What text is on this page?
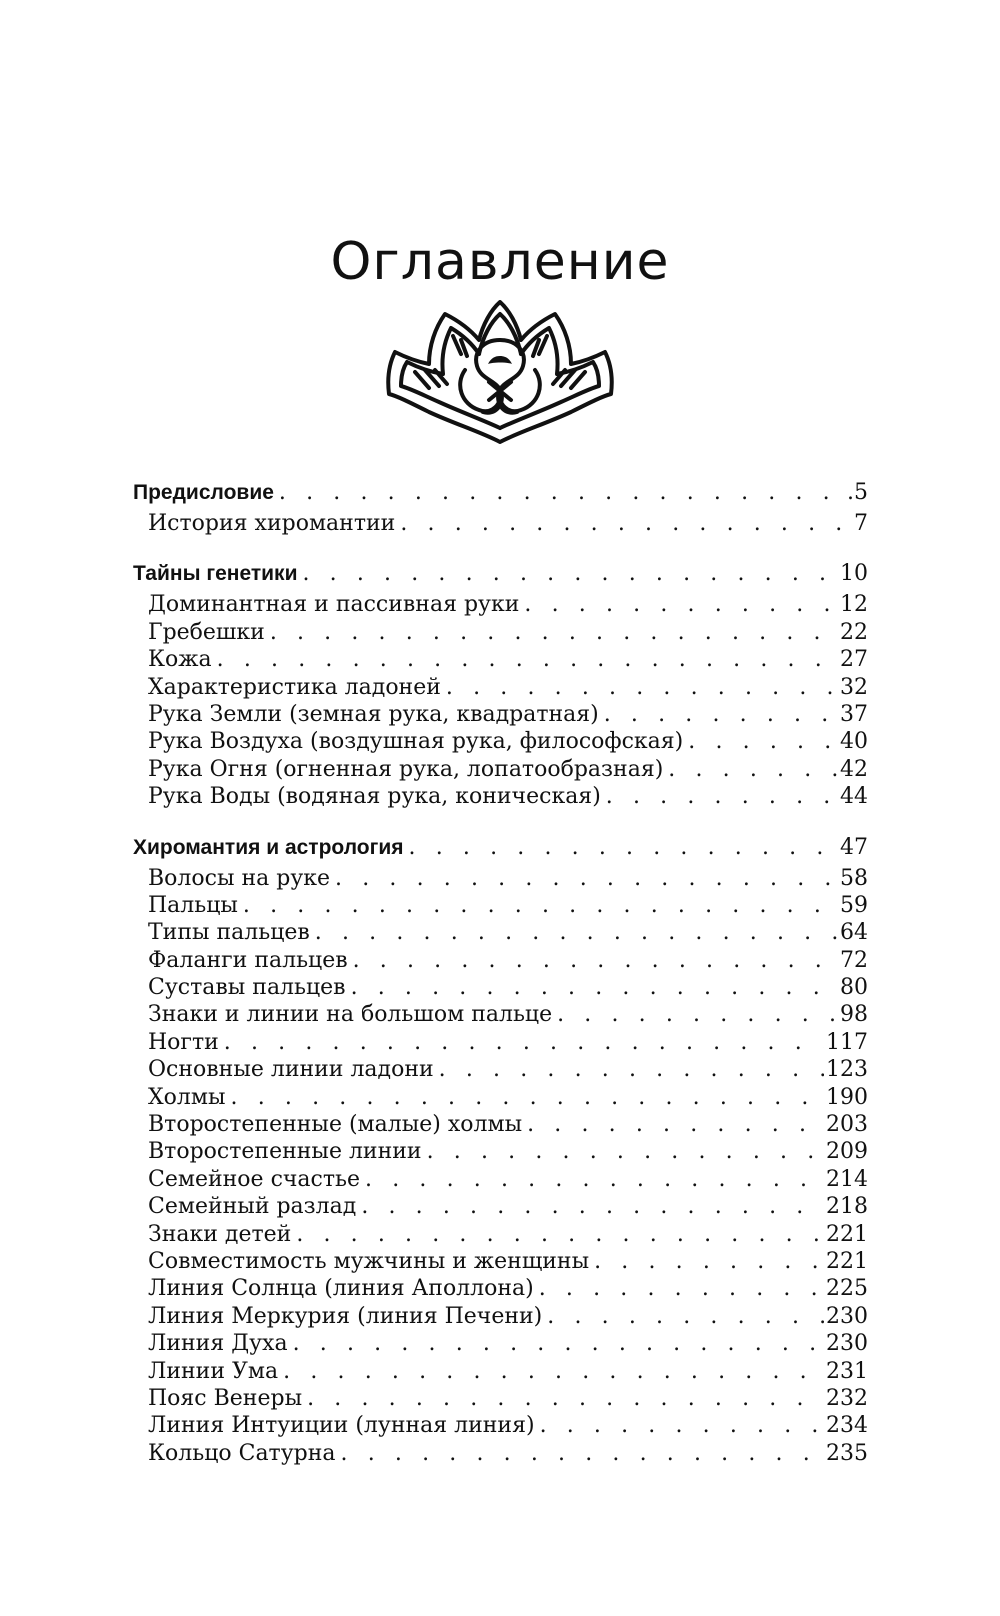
Оглавление
Предисловие . . .	.5
История хиромантии . . .	7
Тайны генетики . . .	10
Доминантная и пассивная руки . . .	12
Гребешки . . .	22
Кожа . . .	27
Характеристика ладоней . . .	32
Рука Земли (земная рука, квадратная) . . .	37
Рука Воздуха (воздушная рука, философская) . . .	40
Рука Огня (огненная рука, лопатообразная) . . .	42
Рука Воды (водяная рука, коническая) . . .	44
Хиромантия и астрология . . .	47
Волосы на руке . . .	58
Пальцы . . .	59
Типы пальцев . . .	64
Фаланги пальцев . . .	72
Суставы пальцев . . .	80
Знаки и линии на большом пальце . . .	98
Ногти . . .	117
Основные линии ладони . . .	123
Холмы . . .	190
Второстепенные (малые) холмы . . .	203
Второстепенные линии . . .	209
Семейное счастье . . .	214
Семейный разлад . . .	218
Знаки детей . . .	221
Совместимость мужчины и женщины . . .	221
Линия Солнца (линия Аполлона) . . .	225
Линия Меркурия (линия Печени) . . .	230
Линия Духа . . .	230
Линии Ума . . .	231
Пояс Венеры . . .	232
Линия Интуиции (лунная линия) . . .	234
Кольцо Сатурна . . .	235
